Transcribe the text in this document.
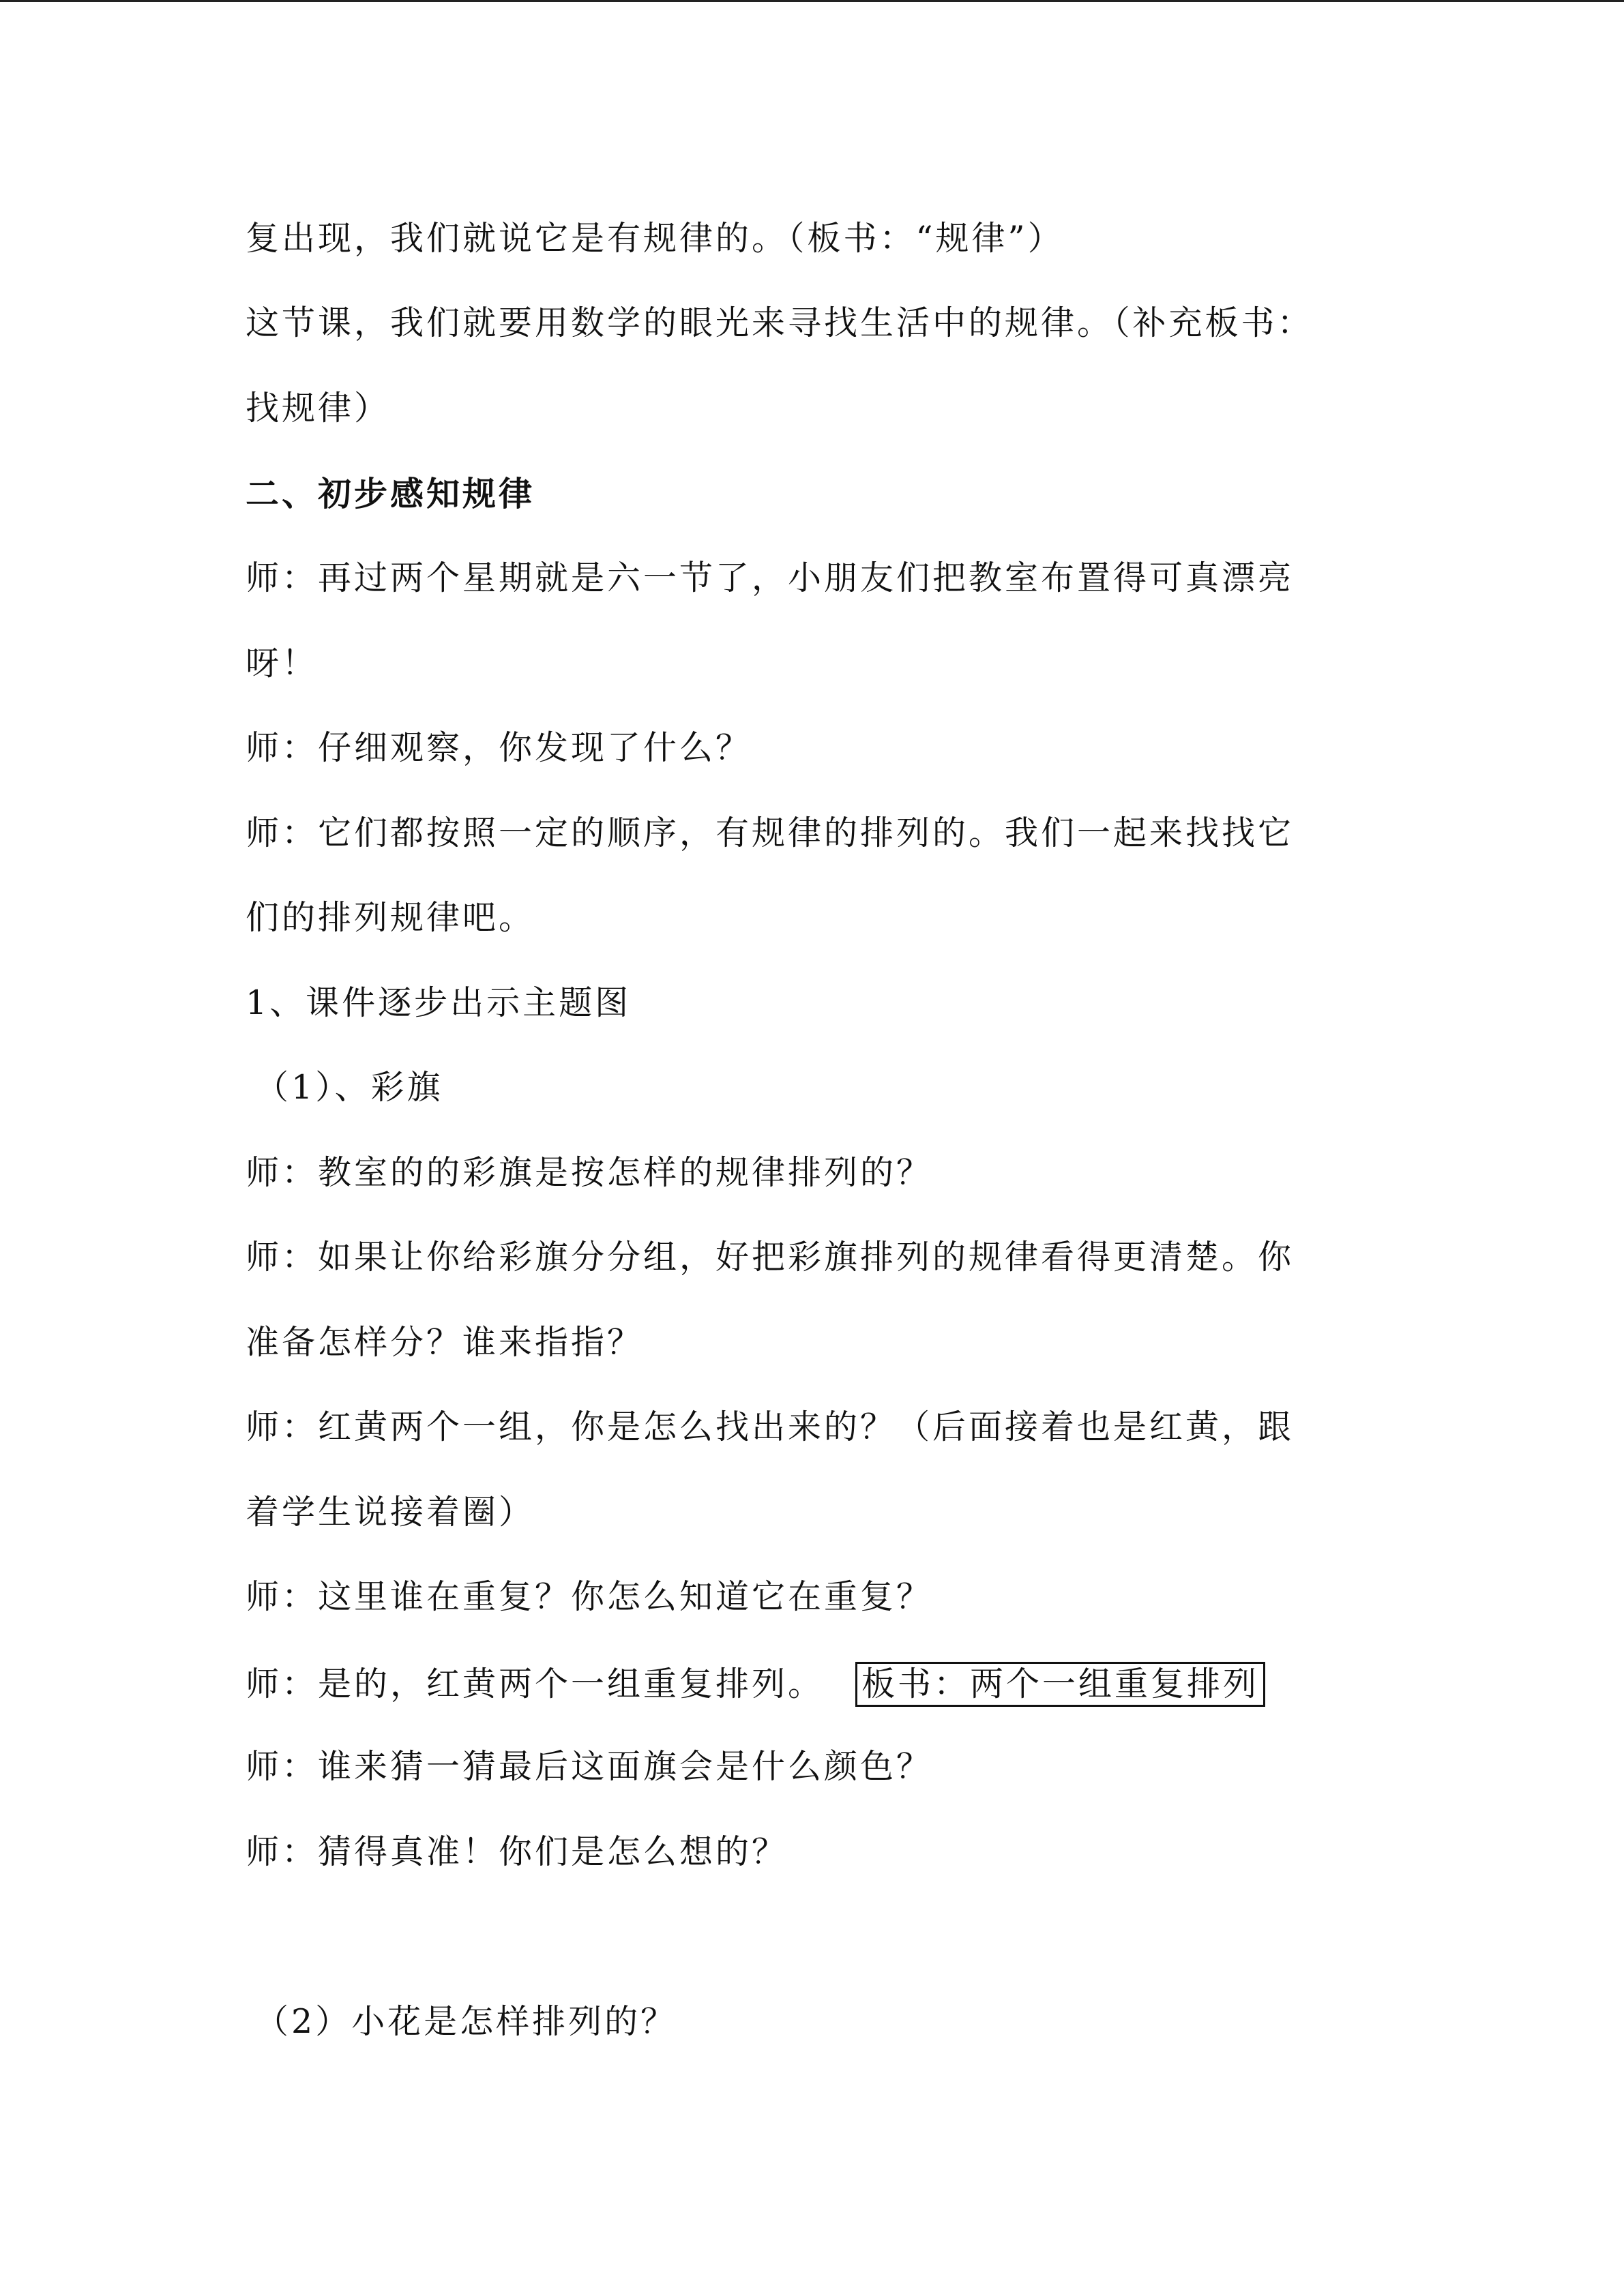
复出现，我们就说它是有规律的。（板书：“规律”）
这节课，我们就要用数学的眼光来寻找生活中的规律。（补充板书：
找规律）
二、初步感知规律
师：再过两个星期就是六一节了，小朋友们把教室布置得可真漂亮
呀！
师：仔细观察，你发现了什么？
师：它们都按照一定的顺序，有规律的排列的。我们一起来找找它
们的排列规律吧。
1、课件逐步出示主题图
（1）、彩旗
师：教室的的彩旗是按怎样的规律排列的？
师：如果让你给彩旗分分组，好把彩旗排列的规律看得更清楚。你
准备怎样分？谁来指指？
师：红黄两个一组，你是怎么找出来的？（后面接着也是红黄，跟
着学生说接着圈）
师：这里谁在重复？你怎么知道它在重复？
师：是的，红黄两个一组重复排列。 板书：两个一组重复排列
师：谁来猜一猜最后这面旗会是什么颜色？
师：猜得真准！你们是怎么想的？
（2）小花是怎样排列的？
